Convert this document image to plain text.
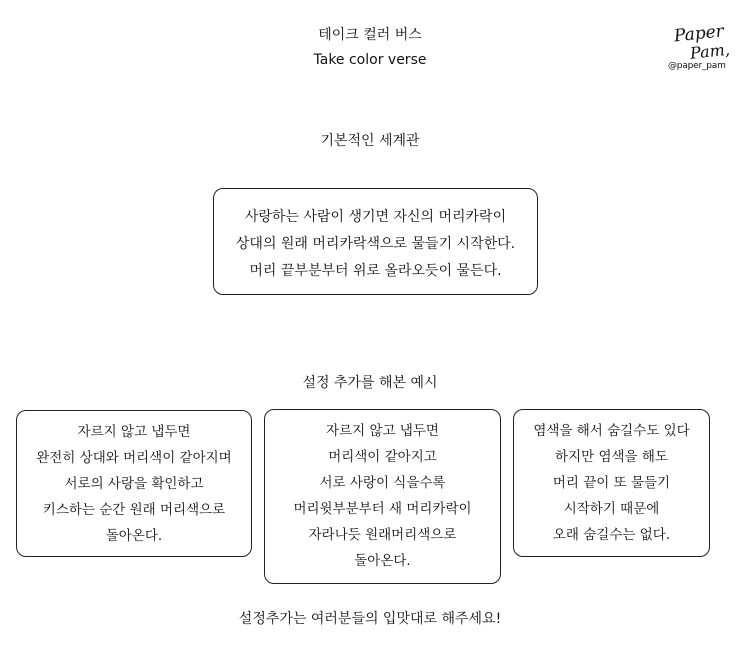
테이크 컬러 버스
Take color verse
Paper
Pam,
@paper_pam
기본적인 세계관
사랑하는 사람이 생기면 자신의 머리카락이
상대의 원래 머리카락색으로 물들기 시작한다.
머리 끝부분부터 위로 올라오듯이 물든다.
설정 추가를 해본 예시
자르지 않고 냅두면
완전히 상대와 머리색이 같아지며
서로의 사랑을 확인하고
키스하는 순간 원래 머리색으로
돌아온다.
자르지 않고 냅두면
머리색이 같아지고
서로 사랑이 식을수록
머리윗부분부터 새 머리카락이
자라나듯 원래머리색으로
돌아온다.
염색을 해서 숨길수도 있다
하지만 염색을 해도
머리 끝이 또 물들기
시작하기 때문에
오래 숨길수는 없다.
설정추가는 여러분들의 입맛대로 해주세요!
